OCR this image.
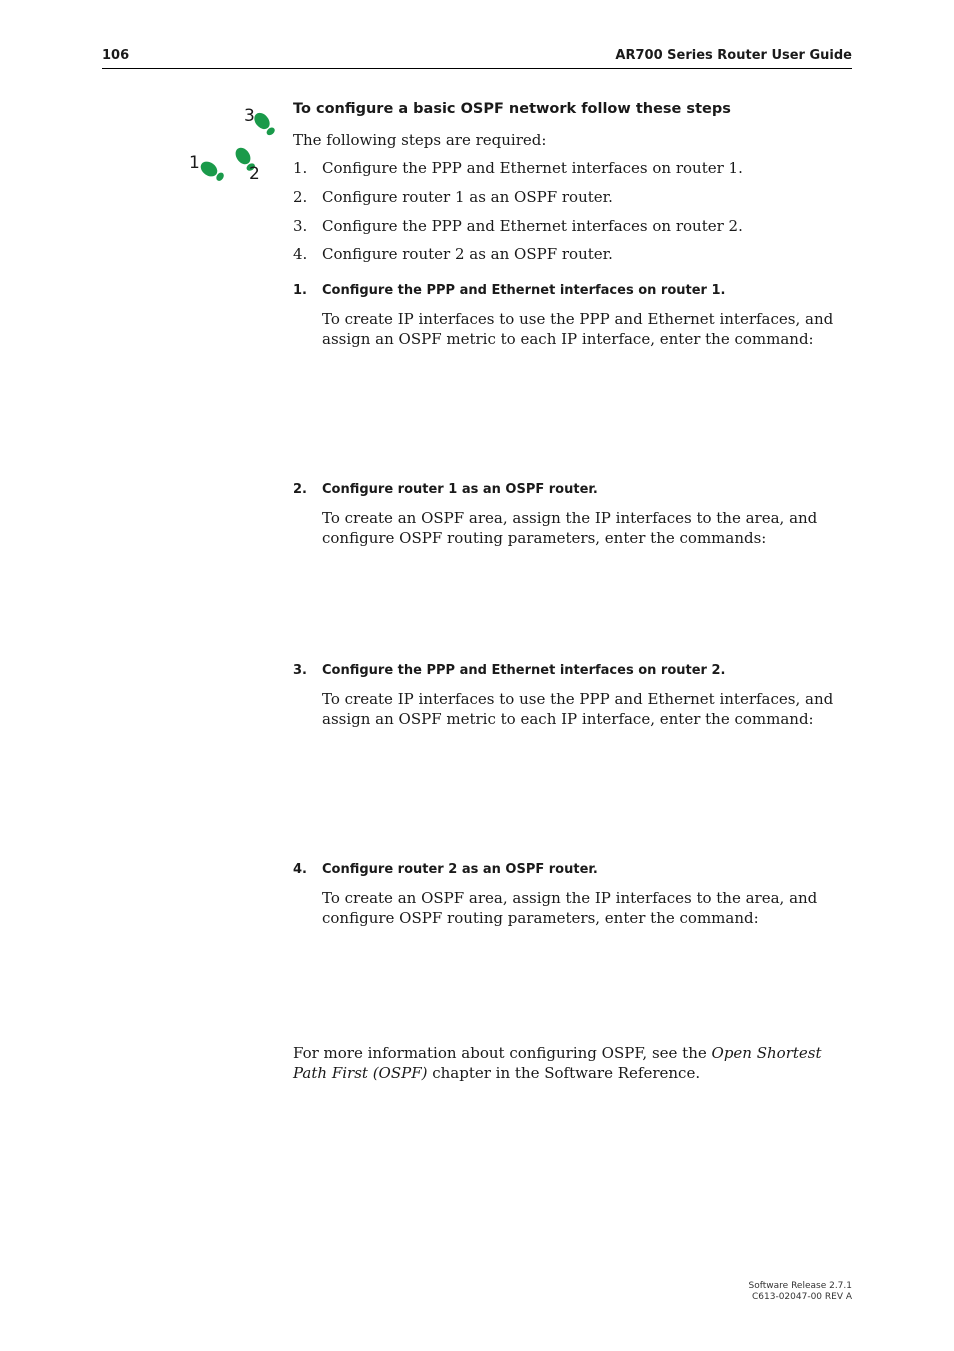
106	AR700 Series Router User Guide
3
1
2
To configure a basic OSPF network follow these steps
The following steps are required:
1. Configure the PPP and Ethernet interfaces on router 1.
2. Configure router 1 as an OSPF router.
3. Configure the PPP and Ethernet interfaces on router 2.
4. Configure router 2 as an OSPF router.
1. Configure the PPP and Ethernet interfaces on router 1.
To create IP interfaces to use the PPP and Ethernet interfaces, and assign an OSPF metric to each IP interface, enter the command:
2. Configure router 1 as an OSPF router.
To create an OSPF area, assign the IP interfaces to the area, and configure OSPF routing parameters, enter the commands:
3. Configure the PPP and Ethernet interfaces on router 2.
To create IP interfaces to use the PPP and Ethernet interfaces, and assign an OSPF metric to each IP interface, enter the command:
4. Configure router 2 as an OSPF router.
To create an OSPF area, assign the IP interfaces to the area, and configure OSPF routing parameters, enter the command:
For more information about configuring OSPF, see the Open Shortest Path First (OSPF) chapter in the Software Reference.
Software Release 2.7.1
C613-02047-00 REV A
